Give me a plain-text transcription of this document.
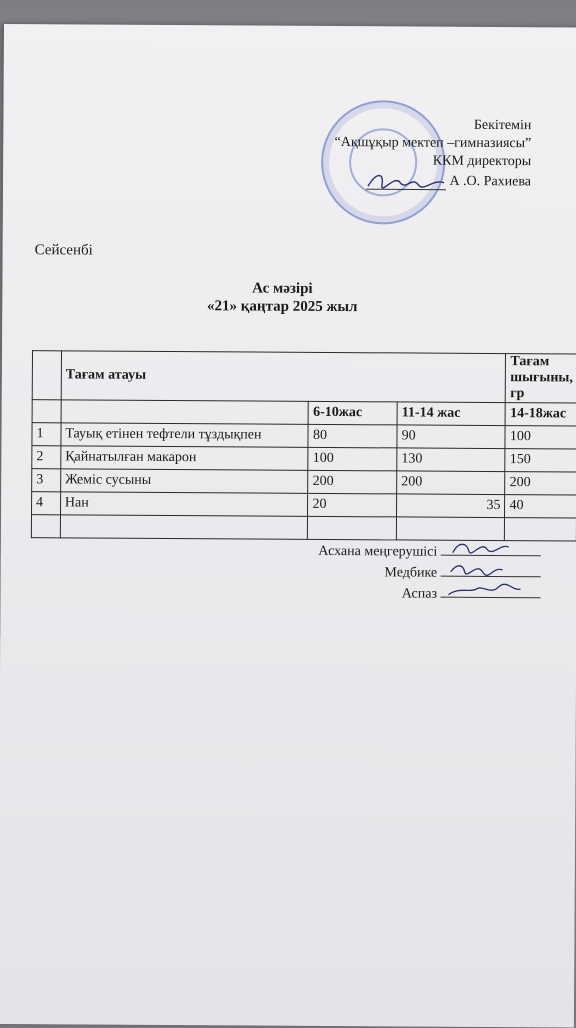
Бекітемін
“Ақшұқыр мектеп –гимназиясы”
ККМ директоры
А .О. Рахиева
Сейсенбі
Ас мәзірі
«21» қаңтар 2025 жыл
	Тағам атауы			Тағам шығыны, гр
		6-10жас	11-14 жас	14-18жас
1	Тауық етінен тефтели тұздықпен	80	90	100
2	Қайнатылған макарон	100	130	150
3	Жеміс сусыны	200	200	200
4	Нан	20	35	40

Асхана меңгерушісі
Медбике
Аспаз
